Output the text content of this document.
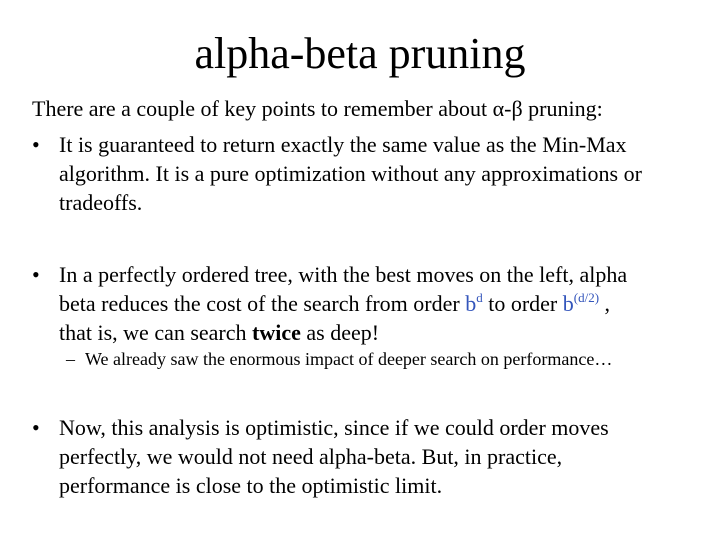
alpha-beta pruning
There are a couple of key points to remember about α-β pruning:
• It is guaranteed to return exactly the same value as the Min-Max
algorithm. It is a pure optimization without any approximations or
tradeoffs.
• In a perfectly ordered tree, with the best moves on the left, alpha
beta reduces the cost of the search from order $b^d$ to order $b^{(d/2)}$ ,
that is, we can search twice as deep!
– We already saw the enormous impact of deeper search on performance…
• Now, this analysis is optimistic, since if we could order moves
perfectly, we would not need alpha-beta. But, in practice,
performance is close to the optimistic limit.
